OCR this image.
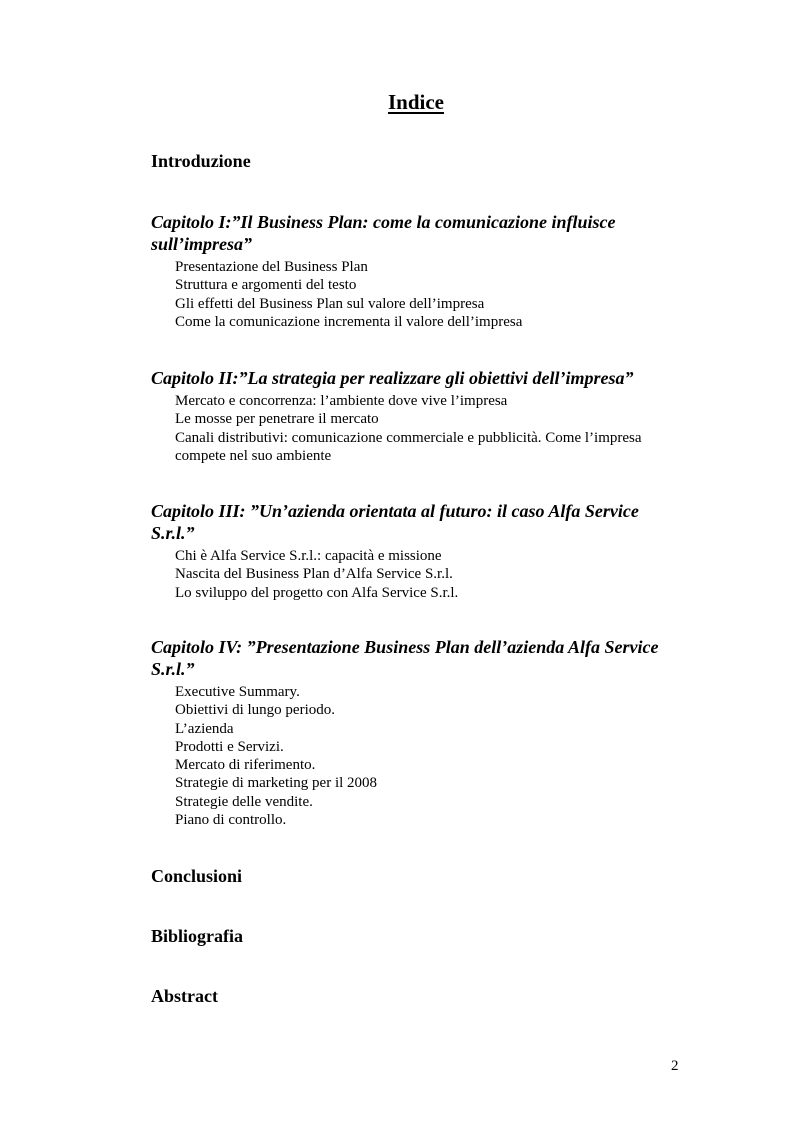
Indice

Introduzione

Capitolo I:”Il Business Plan: come la comunicazione influisce
sull’impresa”

Presentazione del Business Plan
Struttura e argomenti del testo
Gli effetti del Business Plan sul valore dell’impresa
Come la comunicazione incrementa il valore dell’impresa

Capitolo II:”La strategia per realizzare gli obiettivi dell’impresa”

Mercato e concorrenza: l’ambiente dove vive l’impresa
Le mosse per penetrare il mercato
Canali distributivi: comunicazione commerciale e pubblicità. Come l’impresa
compete nel suo ambiente

Capitolo III: ”Un’azienda orientata al futuro: il caso Alfa Service
S.r.l.”

Chi è Alfa Service S.r.l.: capacità e missione
Nascita del Business Plan d’Alfa Service S.r.l.
Lo sviluppo del progetto con Alfa Service S.r.l.

Capitolo IV: ”Presentazione Business Plan dell’azienda Alfa Service
S.r.l.”

Executive Summary.
Obiettivi di lungo periodo.
L’azienda
Prodotti e Servizi.
Mercato di riferimento.
Strategie di marketing per il 2008
Strategie delle vendite.
Piano di controllo.

Conclusioni

Bibliografia

Abstract

2
